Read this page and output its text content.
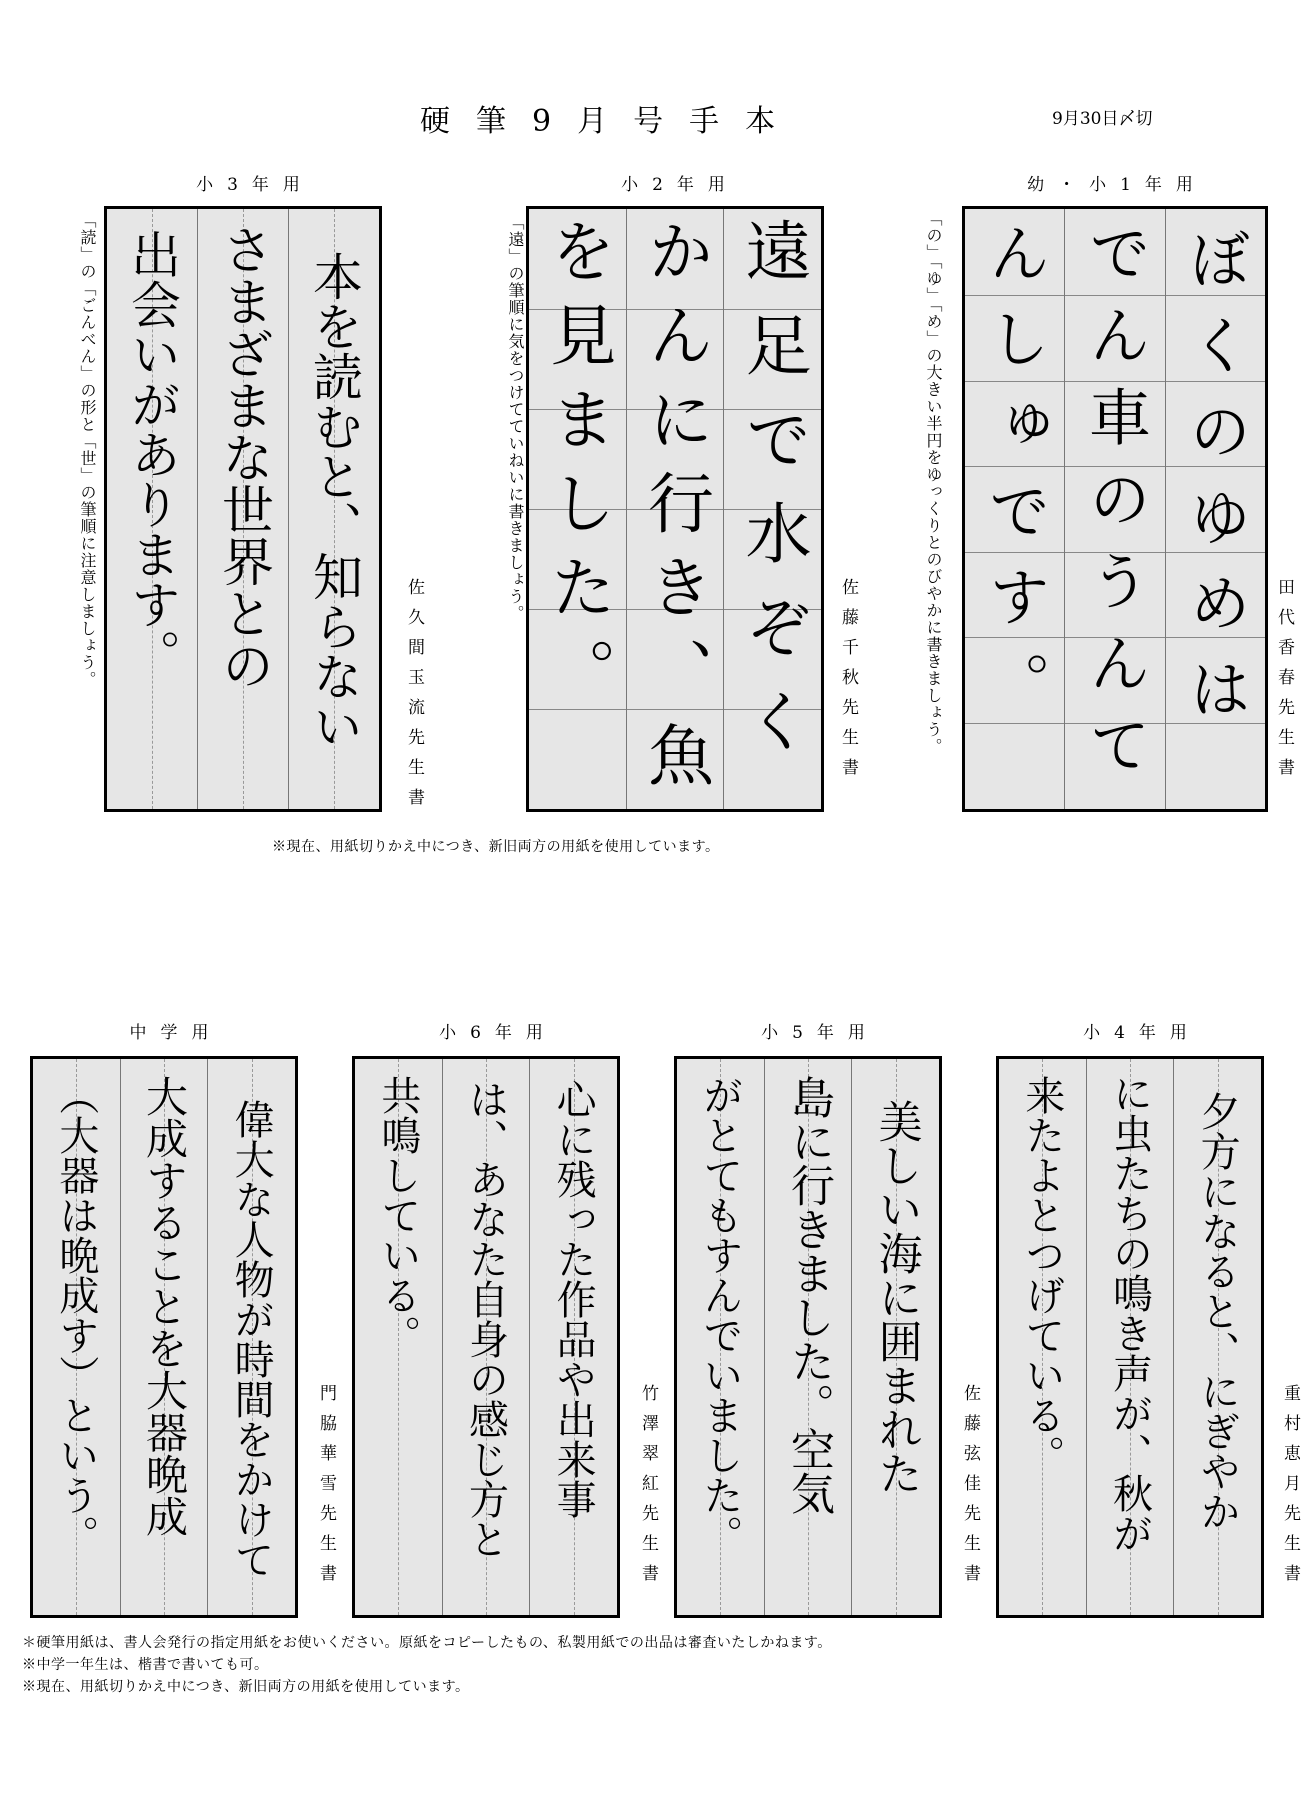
硬筆9月号手本	9月30日〆切
小3年用
「読」の「ごんべん」の形と「世」の筆順に注意しましょう。	本を読むと、知らない
さまざまな世界との
出会いがあります。
佐久間玉流先生書
小2年用
「遠」の筆順に気をつけてていねいに書きましょう。	遠足で水ぞく
かんに行き、魚
を見ました。	佐藤千秋先生書
幼・小1年用
「の」「ゆ」「め」の大きい半円をゆっくりとのびやかに書きましょう。	ぼくのゆめは
でん車のうんて
んしゅです。	田代香春先生書
※現在、用紙切りかえ中につき、新旧両方の用紙を使用しています。
中学用
偉大な人物が時間をかけて
大成することを大器晩成
（大器は晩成す）という。	門脇華雪先生書
小6年用
心に残った作品や出来事
は、あなた自身の感じ方と
共鳴している。
竹澤翠紅先生書
小5年用
美しい海に囲まれた
島に行きました。空気
がとてもすんでいました。	佐藤弦佳先生書
小4年用
夕方になると、にぎやか
に虫たちの鳴き声が、秋が
来たよとつげている。
重村恵月先生書
＊硬筆用紙は、書人会発行の指定用紙をお使いください。原紙をコピーしたもの、私製用紙での出品は審査いたしかねます。
※中学一年生は、楷書で書いても可。
※現在、用紙切りかえ中につき、新旧両方の用紙を使用しています。
